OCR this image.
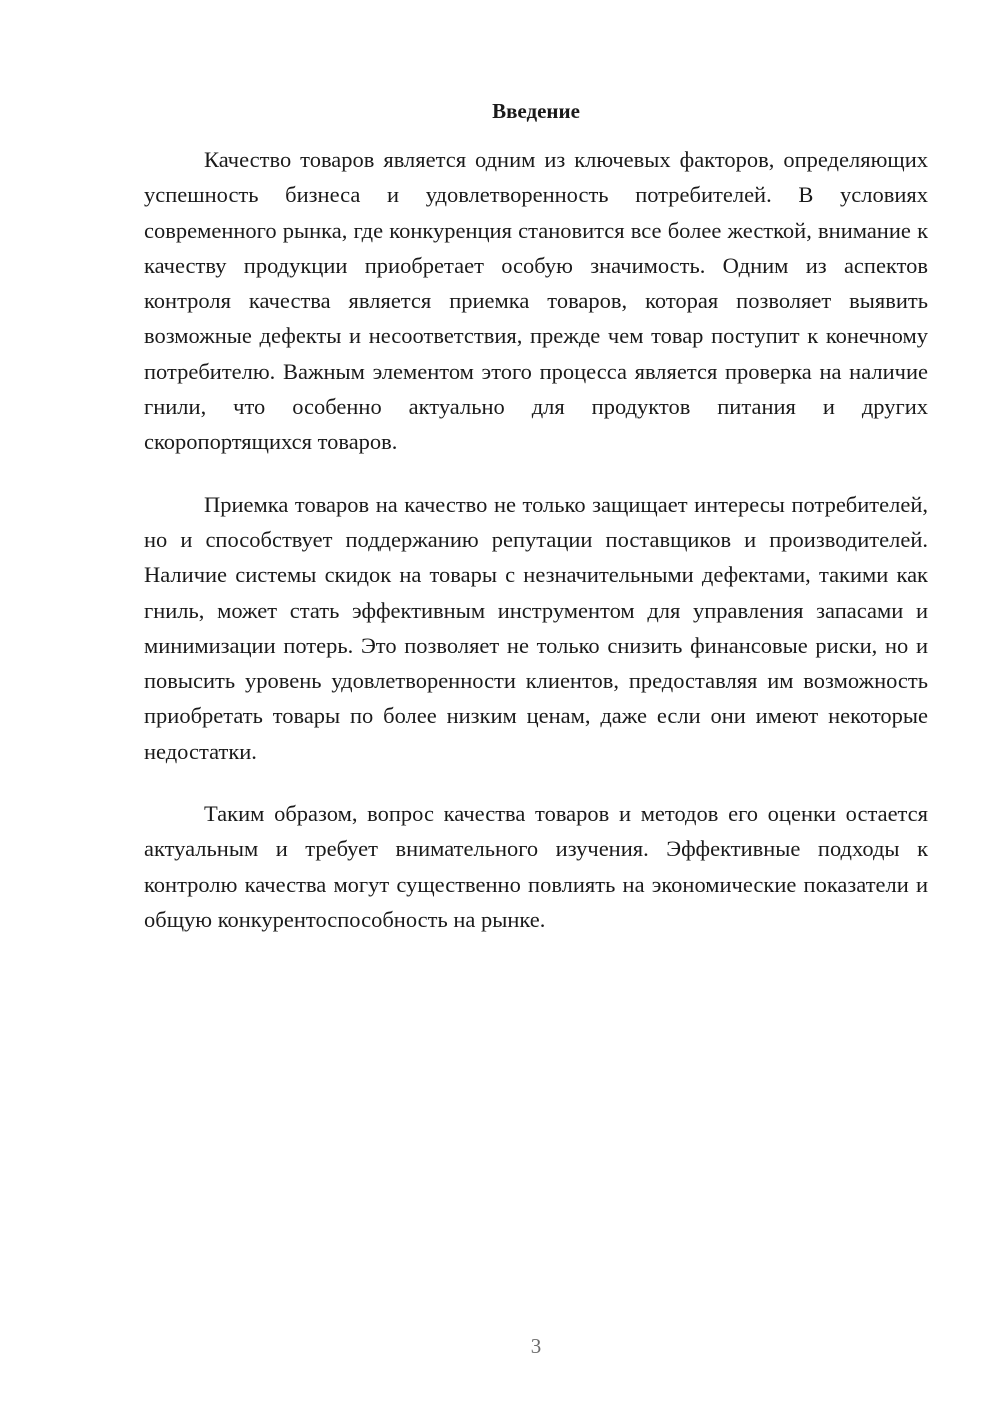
Введение

Качество товаров является одним из ключевых факторов, определяющих успешность бизнеса и удовлетворенность потребителей. В условиях современного рынка, где конкуренция становится все более жесткой, внимание к качеству продукции приобретает особую значимость. Одним из аспектов контроля качества является приемка товаров, которая позволяет выявить возможные дефекты и несоответствия, прежде чем товар поступит к конечному потребителю. Важным элементом этого процесса является проверка на наличие гнили, что особенно актуально для продуктов питания и других скоропортящихся товаров.

Приемка товаров на качество не только защищает интересы потребителей, но и способствует поддержанию репутации поставщиков и производителей. Наличие системы скидок на товары с незначительными дефектами, такими как гниль, может стать эффективным инструментом для управления запасами и минимизации потерь. Это позволяет не только снизить финансовые риски, но и повысить уровень удовлетворенности клиентов, предоставляя им возможность приобретать товары по более низким ценам, даже если они имеют некоторые недостатки.

Таким образом, вопрос качества товаров и методов его оценки остается актуальным и требует внимательного изучения. Эффективные подходы к контролю качества могут существенно повлиять на экономические показатели и общую конкурентоспособность на рынке.

3
